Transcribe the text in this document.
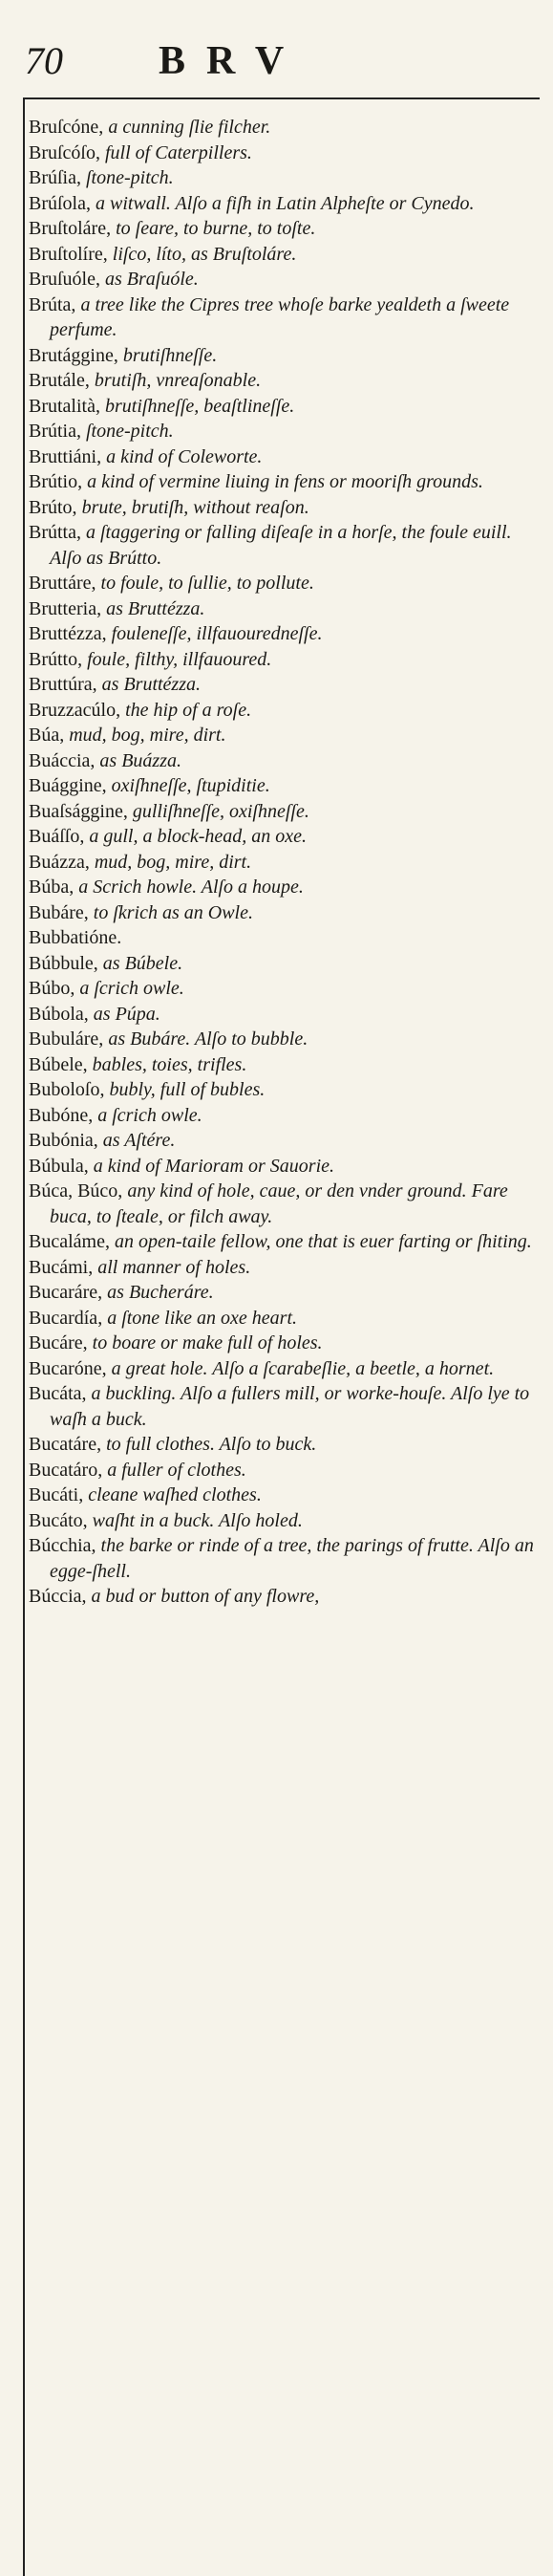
70 BRV

Bruſcóne, a cunning ſlie filcher.

Bruſcóſo, full of Caterpillers.

Brúſia, ſtone-pitch.

Brúſola, a witwall. Alſo a fiſh in Latin Alpheſte or Cynedo.

Bruſtoláre, to ſeare, to burne, to toſte.

Bruſtolíre, liſco, líto, as Bruſtoláre.

Bruſuóle, as Braſuóle.

Brúta, a tree like the Cipres tree whoſe barke yealdeth a ſweete perfume.

Brutággine, brutiſhneſſe.

Brutále, brutiſh, vnreaſonable.

Brutalità, brutiſhneſſe, beaſtlineſſe.

Brútia, ſtone-pitch.

Bruttiáni, a kind of Coleworte.

Brútio, a kind of vermine liuing in fens or mooriſh grounds.

Brúto, brute, brutiſh, without reaſon.

Brútta, a ſtaggering or falling diſeaſe in a horſe, the foule euill. Alſo as Brútto.

Bruttáre, to foule, to ſullie, to pollute.

Brutteria, as Bruttézza.

Bruttézza, fouleneſſe, illfauouredneſſe.

Brútto, foule, filthy, illfauoured.

Bruttúra, as Bruttézza.

Bruzzacúlo, the hip of a roſe.

Búa, mud, bog, mire, dirt.

Buáccia, as Buázza.

Buággine, oxiſhneſſe, ſtupiditie.

Buaſsággine, gulliſhneſſe, oxiſhneſſe.

Buáſſo, a gull, a block-head, an oxe.

Buázza, mud, bog, mire, dirt.

Búba, a Scrich howle. Alſo a houpe.

Bubáre, to ſkrich as an Owle.

Bubbatióne.

Búbbule, as Búbele.

Búbo, a ſcrich owle.

Búbola, as Púpa.

Bubuláre, as Bubáre. Alſo to bubble.

Búbele, bables, toies, trifles.

Buboloſo, bubly, full of bubles.

Bubóne, a ſcrich owle.

Bubónia, as Aſtére.

Búbula, a kind of Marioram or Sauorie.

Búca, Búco, any kind of hole, caue, or den vnder ground. Fare buca, to ſteale, or filch away.

Bucaláme, an open-taile fellow, one that is euer farting or ſhiting.

Bucámi, all manner of holes.

Bucaráre, as Bucheráre.

Bucardía, a ſtone like an oxe heart.

Bucáre, to boare or make full of holes.

Bucaróne, a great hole. Alſo a ſcarabeſlie, a beetle, a hornet.

Bucáta, a buckling. Alſo a fullers mill, or worke-houſe. Alſo lye to waſh a buck.

Bucatáre, to full clothes. Alſo to buck.

Bucatáro, a fuller of clothes.

Bucáti, cleane waſhed clothes.

Bucáto, waſht in a buck. Alſo holed.

Búcchia, the barke or rinde of a tree, the parings of frutte. Alſo an egge-ſhell.

Búccia, a bud or button of any flowre,
